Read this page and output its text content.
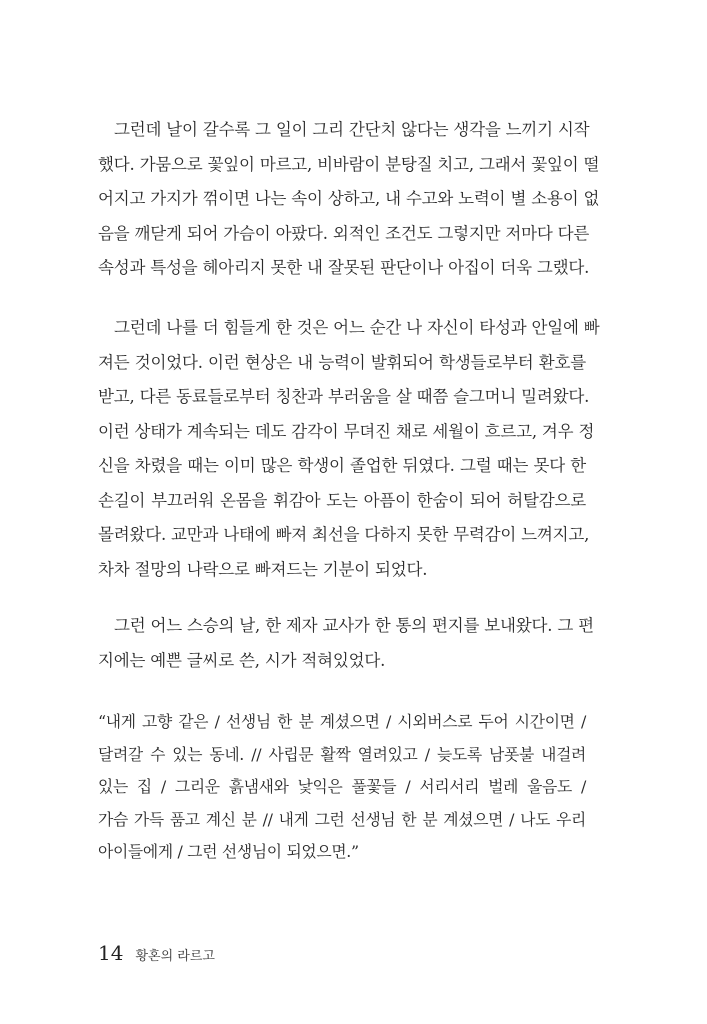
그런데 날이 갈수록 그 일이 그리 간단치 않다는 생각을 느끼기 시작
했다. 가뭄으로 꽃잎이 마르고, 비바람이 분탕질 치고, 그래서 꽃잎이 떨
어지고 가지가 꺾이면 나는 속이 상하고, 내 수고와 노력이 별 소용이 없
음을 깨닫게 되어 가슴이 아팠다. 외적인 조건도 그렇지만 저마다 다른
속성과 특성을 헤아리지 못한 내 잘못된 판단이나 아집이 더욱 그랬다.
그런데 나를 더 힘들게 한 것은 어느 순간 나 자신이 타성과 안일에 빠
져든 것이었다. 이런 현상은 내 능력이 발휘되어 학생들로부터 환호를
받고, 다른 동료들로부터 칭찬과 부러움을 살 때쯤 슬그머니 밀려왔다.
이런 상태가 계속되는 데도 감각이 무뎌진 채로 세월이 흐르고, 겨우 정
신을 차렸을 때는 이미 많은 학생이 졸업한 뒤였다. 그럴 때는 못다 한
손길이 부끄러워 온몸을 휘감아 도는 아픔이 한숨이 되어 허탈감으로
몰려왔다. 교만과 나태에 빠져 최선을 다하지 못한 무력감이 느껴지고,
차차 절망의 나락으로 빠져드는 기분이 되었다.
그런 어느 스승의 날, 한 제자 교사가 한 통의 편지를 보내왔다. 그 편
지에는 예쁜 글씨로 쓴, 시가 적혀있었다.
“내게 고향 같은 / 선생님 한 분 계셨으면 / 시외버스로 두어 시간이면 /
달려갈 수 있는 동네. // 사립문 활짝 열려있고 / 늦도록 남폿불 내걸려
있는 집 / 그리운 흙냄새와 낯익은 풀꽃들 / 서리서리 벌레 울음도 /
가슴 가득 품고 계신 분 // 내게 그런 선생님 한 분 계셨으면 / 나도 우리
아이들에게 / 그런 선생님이 되었으면.”
14 황혼의 라르고
